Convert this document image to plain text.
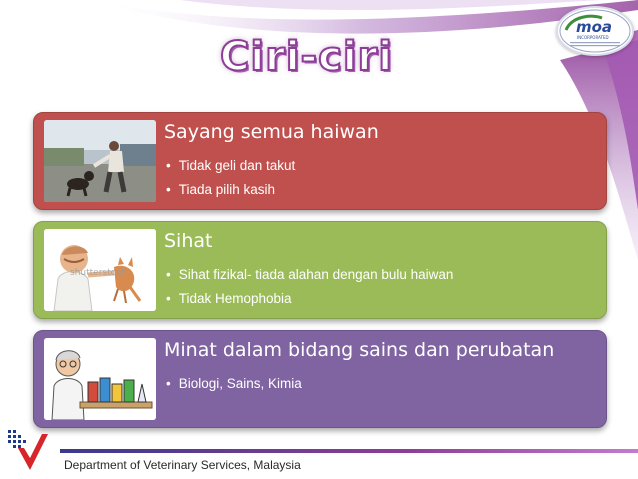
moa
INCORPORATED
Ciri-ciri
Sayang semua haiwan
• Tidak geli dan takut
• Tiada pilih kasih
shutterstock
Sihat
• Sihat fizikal- tiada alahan dengan bulu haiwan
• Tidak Hemophobia
Minat dalam bidang sains dan perubatan
• Biologi, Sains, Kimia
Department of Veterinary Services, Malaysia
